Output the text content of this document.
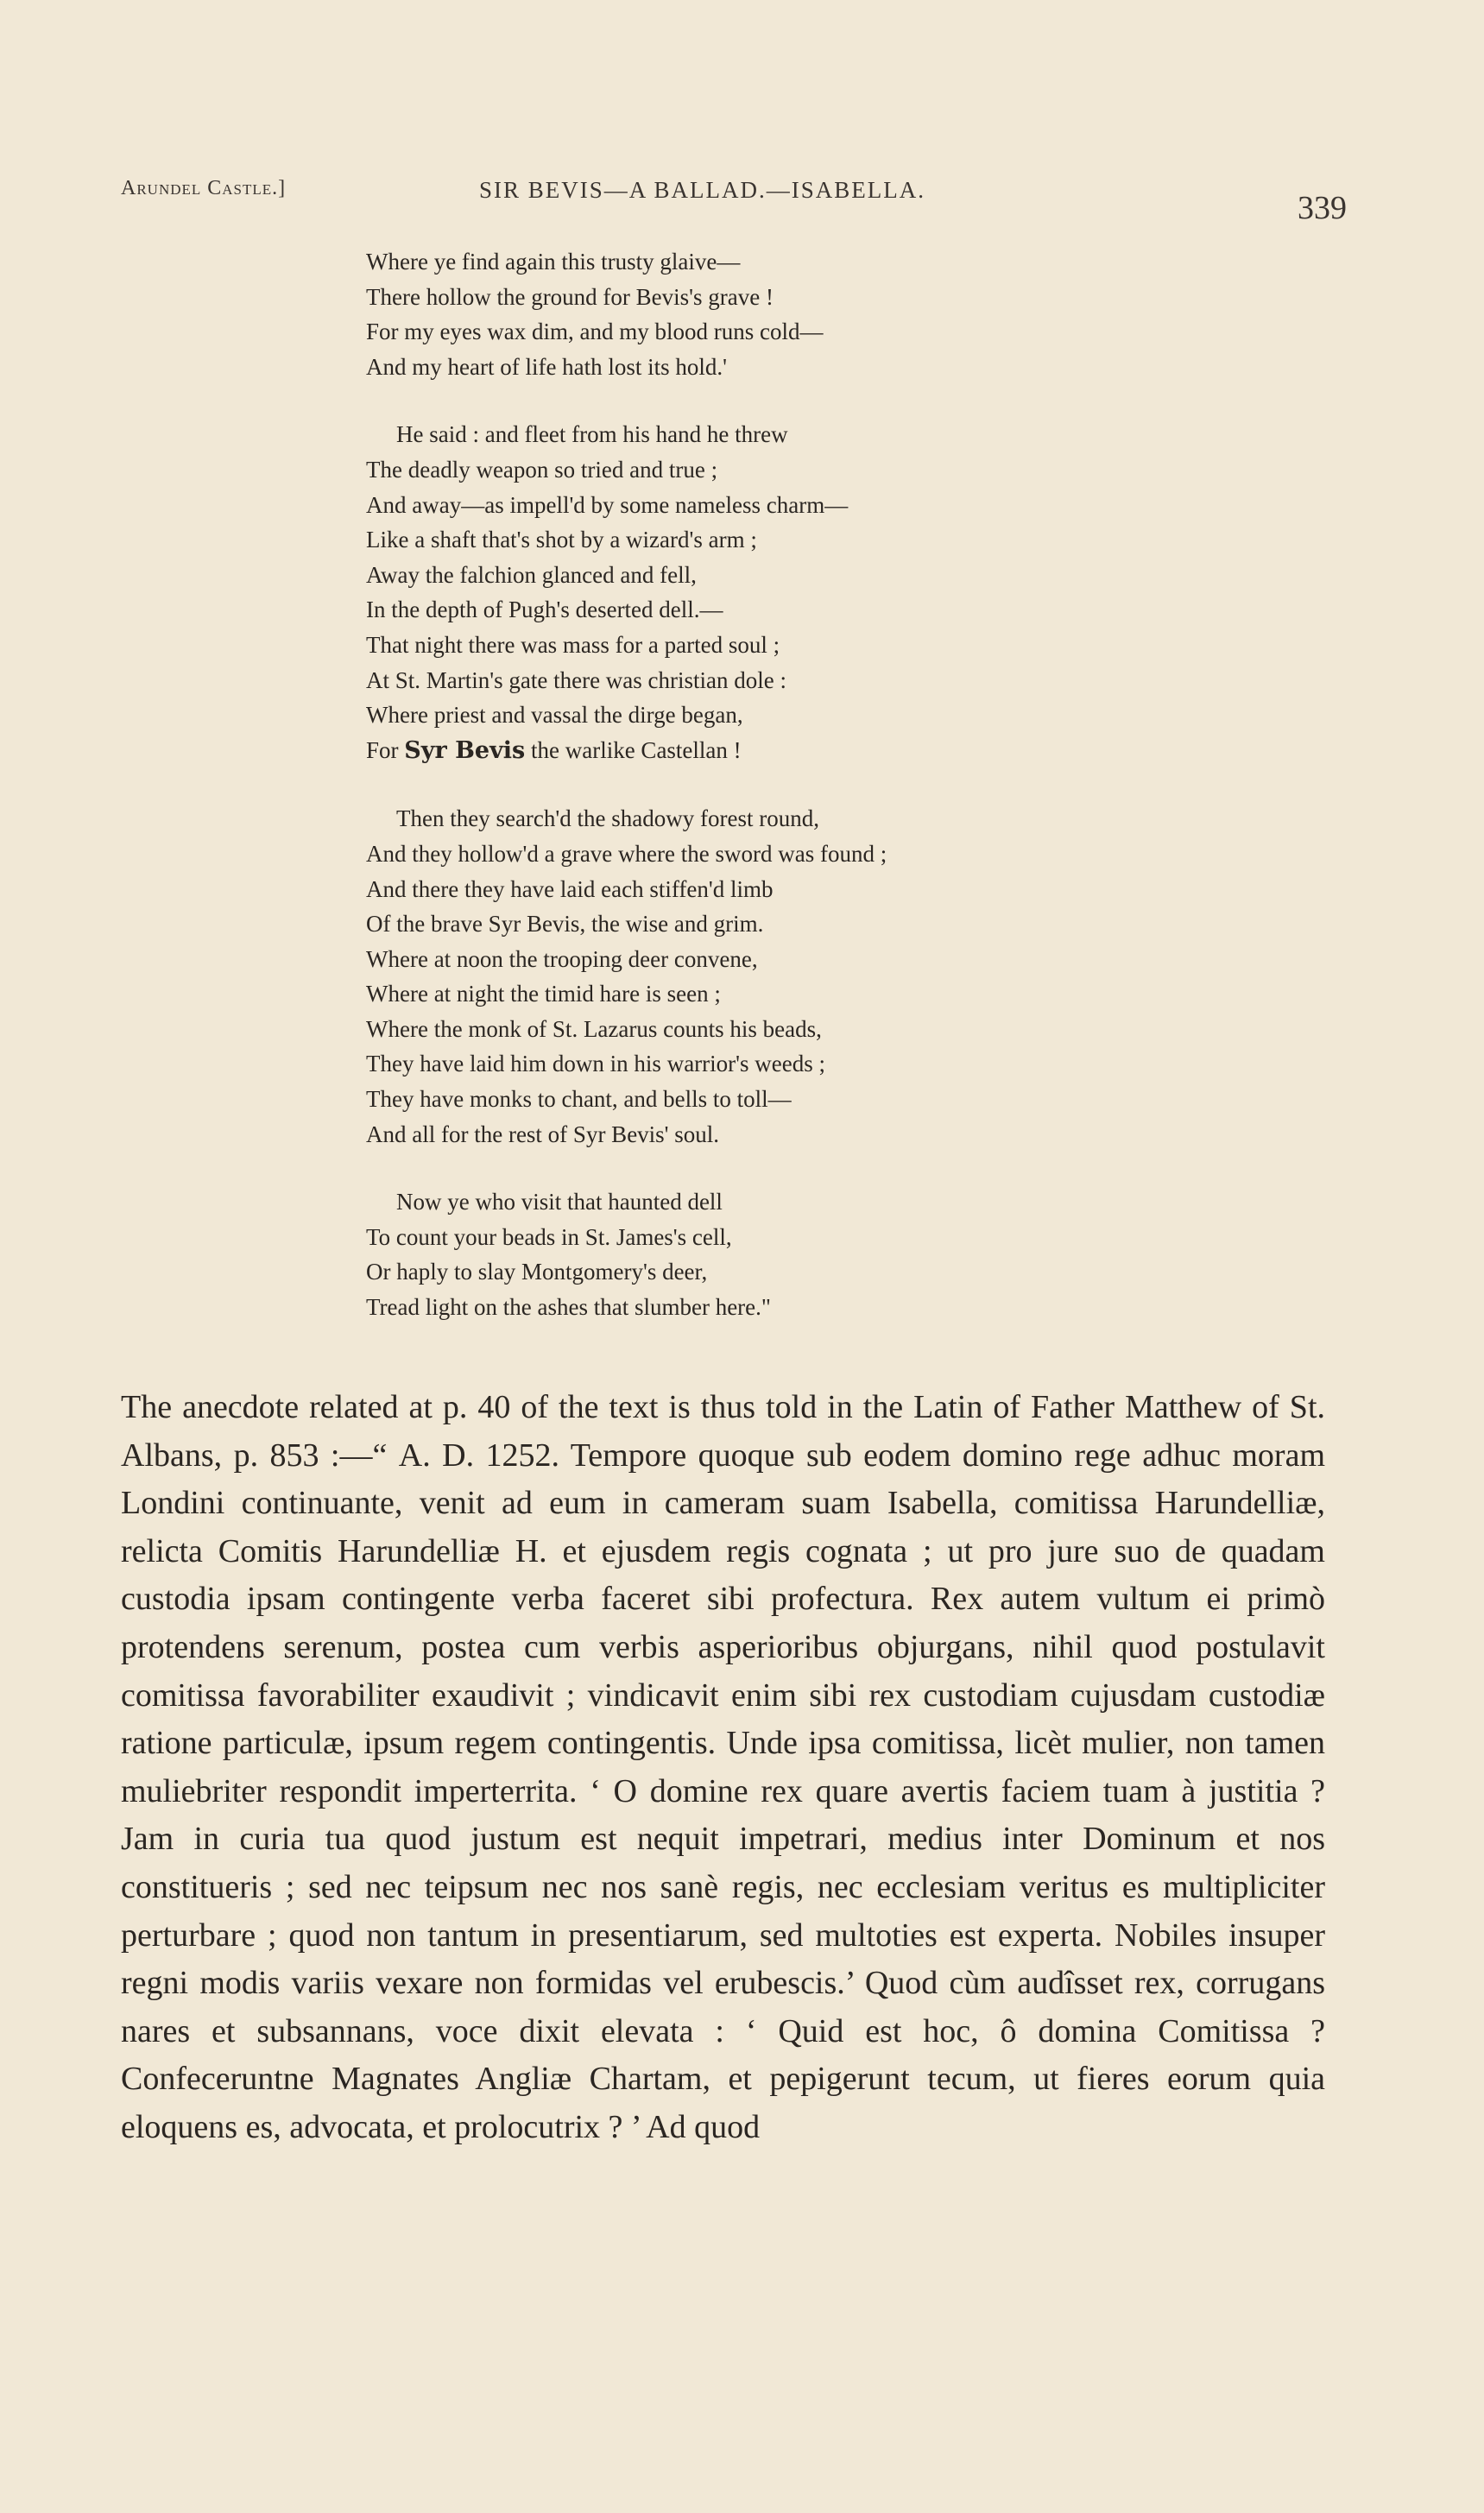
Arundel Castle.]	SIR BEVIS—A BALLAD.—ISABELLA.	339
Where ye find again this trusty glaive—
There hollow the ground for Bevis's grave !
For my eyes wax dim, and my blood runs cold—
And my heart of life hath lost its hold.'
He said : and fleet from his hand he threw
The deadly weapon so tried and true ;
And away—as impell'd by some nameless charm—
Like a shaft that's shot by a wizard's arm ;
Away the falchion glanced and fell,
In the depth of Pugh's deserted dell.—
That night there was mass for a parted soul ;
At St. Martin's gate there was christian dole :
Where priest and vassal the dirge began,
For Syr Bevis the warlike Castellan !
Then they search'd the shadowy forest round,
And they hollow'd a grave where the sword was found ;
And there they have laid each stiffen'd limb
Of the brave Syr Bevis, the wise and grim.
Where at noon the trooping deer convene,
Where at night the timid hare is seen ;
Where the monk of St. Lazarus counts his beads,
They have laid him down in his warrior's weeds ;
They have monks to chant, and bells to toll—
And all for the rest of Syr Bevis' soul.
Now ye who visit that haunted dell
To count your beads in St. James's cell,
Or haply to slay Montgomery's deer,
Tread light on the ashes that slumber here."

The anecdote related at p. 40 of the text is thus told in the Latin of Father Matthew of St. Albans, p. 853 :—“ A. D. 1252. Tempore quoque sub eodem domino rege adhuc moram Londini continuante, venit ad eum in cameram suam Isabella, comitissa Harundelliæ, relicta Comitis Harundelliæ H. et ejusdem regis cognata ; ut pro jure suo de quadam custodia ipsam contingente verba faceret sibi profectura. Rex autem vultum ei primò protendens serenum, postea cum verbis asperioribus objurgans, nihil quod postulavit comitissa favorabiliter exaudivit ; vindicavit enim sibi rex custodiam cujusdam custodiæ ratione particulæ, ipsum regem contingentis. Unde ipsa comitissa, licèt mulier, non tamen muliebriter respondit imperterrita. ‘ O domine rex quare avertis faciem tuam à justitia ? Jam in curia tua quod justum est nequit impetrari, medius inter Dominum et nos constitueris ; sed nec teipsum nec nos sanè regis, nec ecclesiam veritus es multipliciter perturbare ; quod non tantum in presentiarum, sed multoties est experta. Nobiles insuper regni modis variis vexare non formidas vel erubescis.’ Quod cùm audîsset rex, corrugans nares et subsannans, voce dixit elevata : ‘ Quid est hoc, ô domina Comitissa ? Confeceruntne Magnates Angliæ Chartam, et pepigerunt tecum, ut fieres eorum quia eloquens es, advocata, et prolocutrix ? ’ Ad quod
